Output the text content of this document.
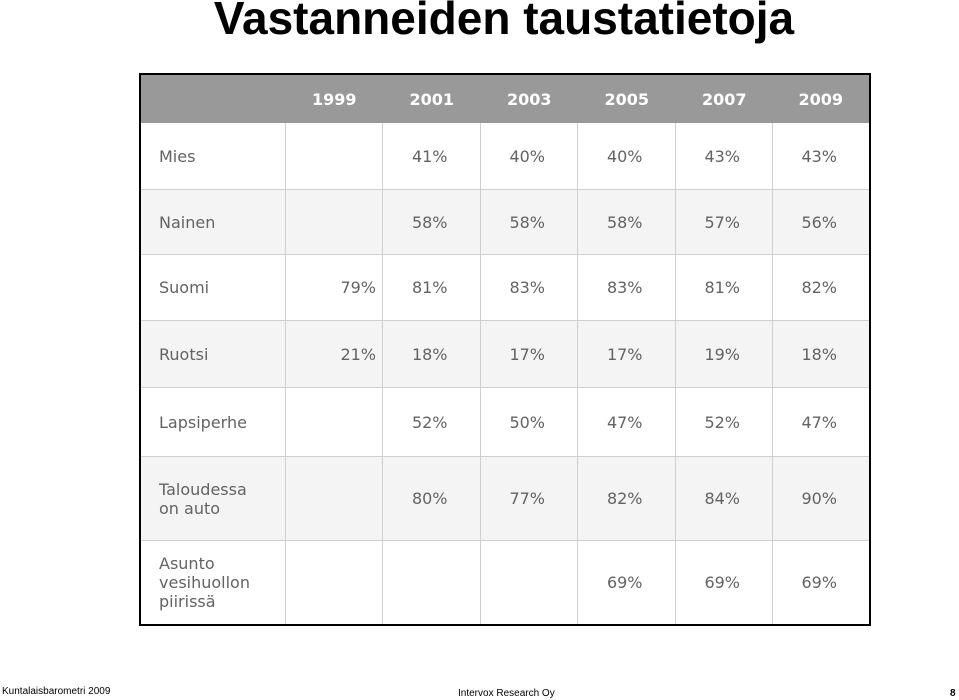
Vastanneiden taustatietoja
	1999	2001	2003	2005	2007	2009

Mies		41%	40%	40%	43%	43%

Nainen		58%	58%	58%	57%	56%

Suomi	79%	81%	83%	83%	81%	82%

Ruotsi	21%	18%	17%	17%	19%	18%

Lapsiperhe		52%	50%	47%	52%	47%

Taloudessa
on auto		80%	77%	82%	84%	90%

Asunto
vesihuollon
piirissä				69%	69%	69%
Kuntalaisbarometri 2009	Intervox Research Oy	8
